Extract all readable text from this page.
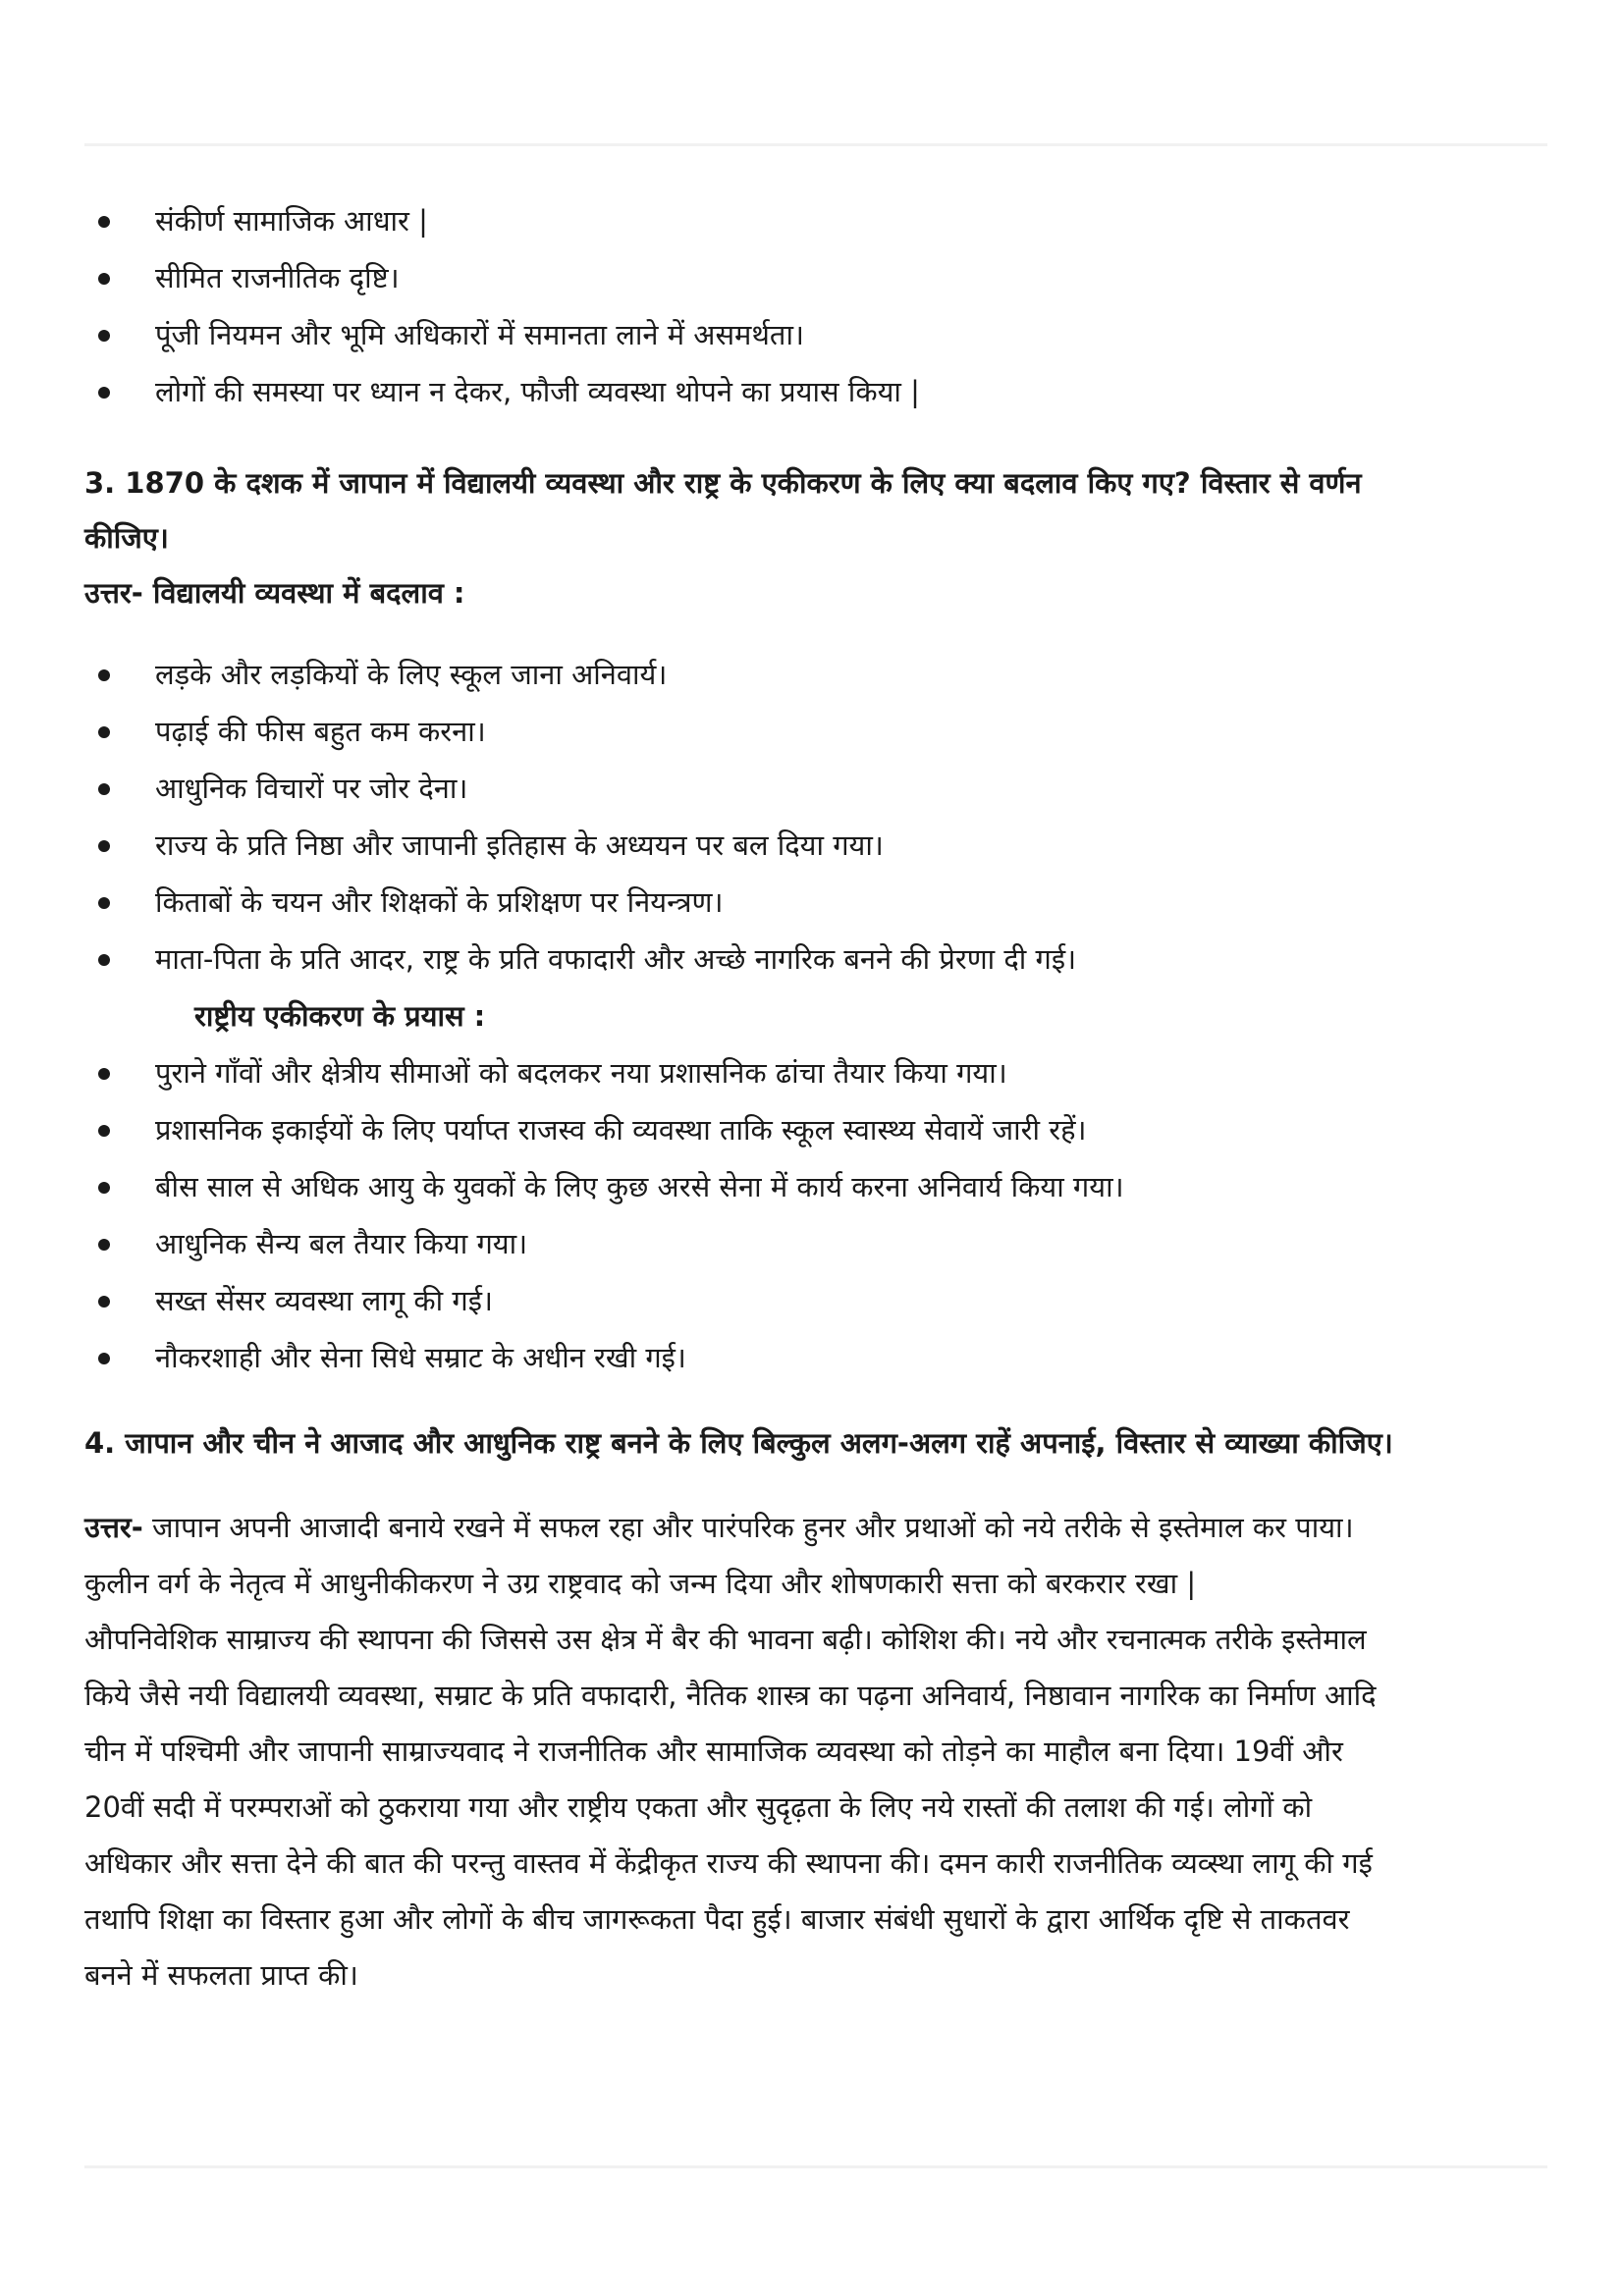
संकीर्ण सामाजिक आधार |
सीमित राजनीतिक दृष्टि।
पूंजी नियमन और भूमि अधिकारों में समानता लाने में असमर्थता।
लोगों की समस्या पर ध्यान न देकर, फौजी व्यवस्था थोपने का प्रयास किया |

3. 1870 के दशक में जापान में विद्यालयी व्यवस्था और राष्ट्र के एकीकरण के लिए क्या बदलाव किए गए? विस्तार से वर्णन
कीजिए।

उत्तर- विद्यालयी व्यवस्था में बदलाव :

लड़के और लड़कियों के लिए स्कूल जाना अनिवार्य।
पढ़ाई की फीस बहुत कम करना।
आधुनिक विचारों पर जोर देना।
राज्य के प्रति निष्ठा और जापानी इतिहास के अध्ययन पर बल दिया गया।
किताबों के चयन और शिक्षकों के प्रशिक्षण पर नियन्त्रण।
माता-पिता के प्रति आदर, राष्ट्र के प्रति वफादारी और अच्छे नागरिक बनने की प्रेरणा दी गई।
राष्ट्रीय एकीकरण के प्रयास :
पुराने गाँवों और क्षेत्रीय सीमाओं को बदलकर नया प्रशासनिक ढांचा तैयार किया गया।
प्रशासनिक इकाईयों के लिए पर्याप्त राजस्व की व्यवस्था ताकि स्कूल स्वास्थ्य सेवायें जारी रहें।
बीस साल से अधिक आयु के युवकों के लिए कुछ अरसे सेना में कार्य करना अनिवार्य किया गया।
आधुनिक सैन्य बल तैयार किया गया।
सख्त सेंसर व्यवस्था लागू की गई।
नौकरशाही और सेना सिधे सम्राट के अधीन रखी गई।

4. जापान और चीन ने आजाद और आधुनिक राष्ट्र बनने के लिए बिल्कुल अलग-अलग राहें अपनाई, विस्तार से व्याख्या कीजिए।

उत्तर- जापान अपनी आजादी बनाये रखने में सफल रहा और पारंपरिक हुनर और प्रथाओं को नये तरीके से इस्तेमाल कर पाया।
कुलीन वर्ग के नेतृत्व में आधुनीकीकरण ने उग्र राष्ट्रवाद को जन्म दिया और शोषणकारी सत्ता को बरकरार रखा |
औपनिवेशिक साम्राज्य की स्थापना की जिससे उस क्षेत्र में बैर की भावना बढ़ी। कोशिश की। नये और रचनात्मक तरीके इस्तेमाल
किये जैसे नयी विद्यालयी व्यवस्था, सम्राट के प्रति वफादारी, नैतिक शास्त्र का पढ़ना अनिवार्य, निष्ठावान नागरिक का निर्माण आदि
चीन में पश्चिमी और जापानी साम्राज्यवाद ने राजनीतिक और सामाजिक व्यवस्था को तोड़ने का माहौल बना दिया। 19वीं और
20वीं सदी में परम्पराओं को ठुकराया गया और राष्ट्रीय एकता और सुदृढ़ता के लिए नये रास्तों की तलाश की गई। लोगों को
अधिकार और सत्ता देने की बात की परन्तु वास्तव में केंद्रीकृत राज्य की स्थापना की। दमन कारी राजनीतिक व्यव्स्था लागू की गई
तथापि शिक्षा का विस्तार हुआ और लोगों के बीच जागरूकता पैदा हुई। बाजार संबंधी सुधारों के द्वारा आर्थिक दृष्टि से ताकतवर
बनने में सफलता प्राप्त की।
